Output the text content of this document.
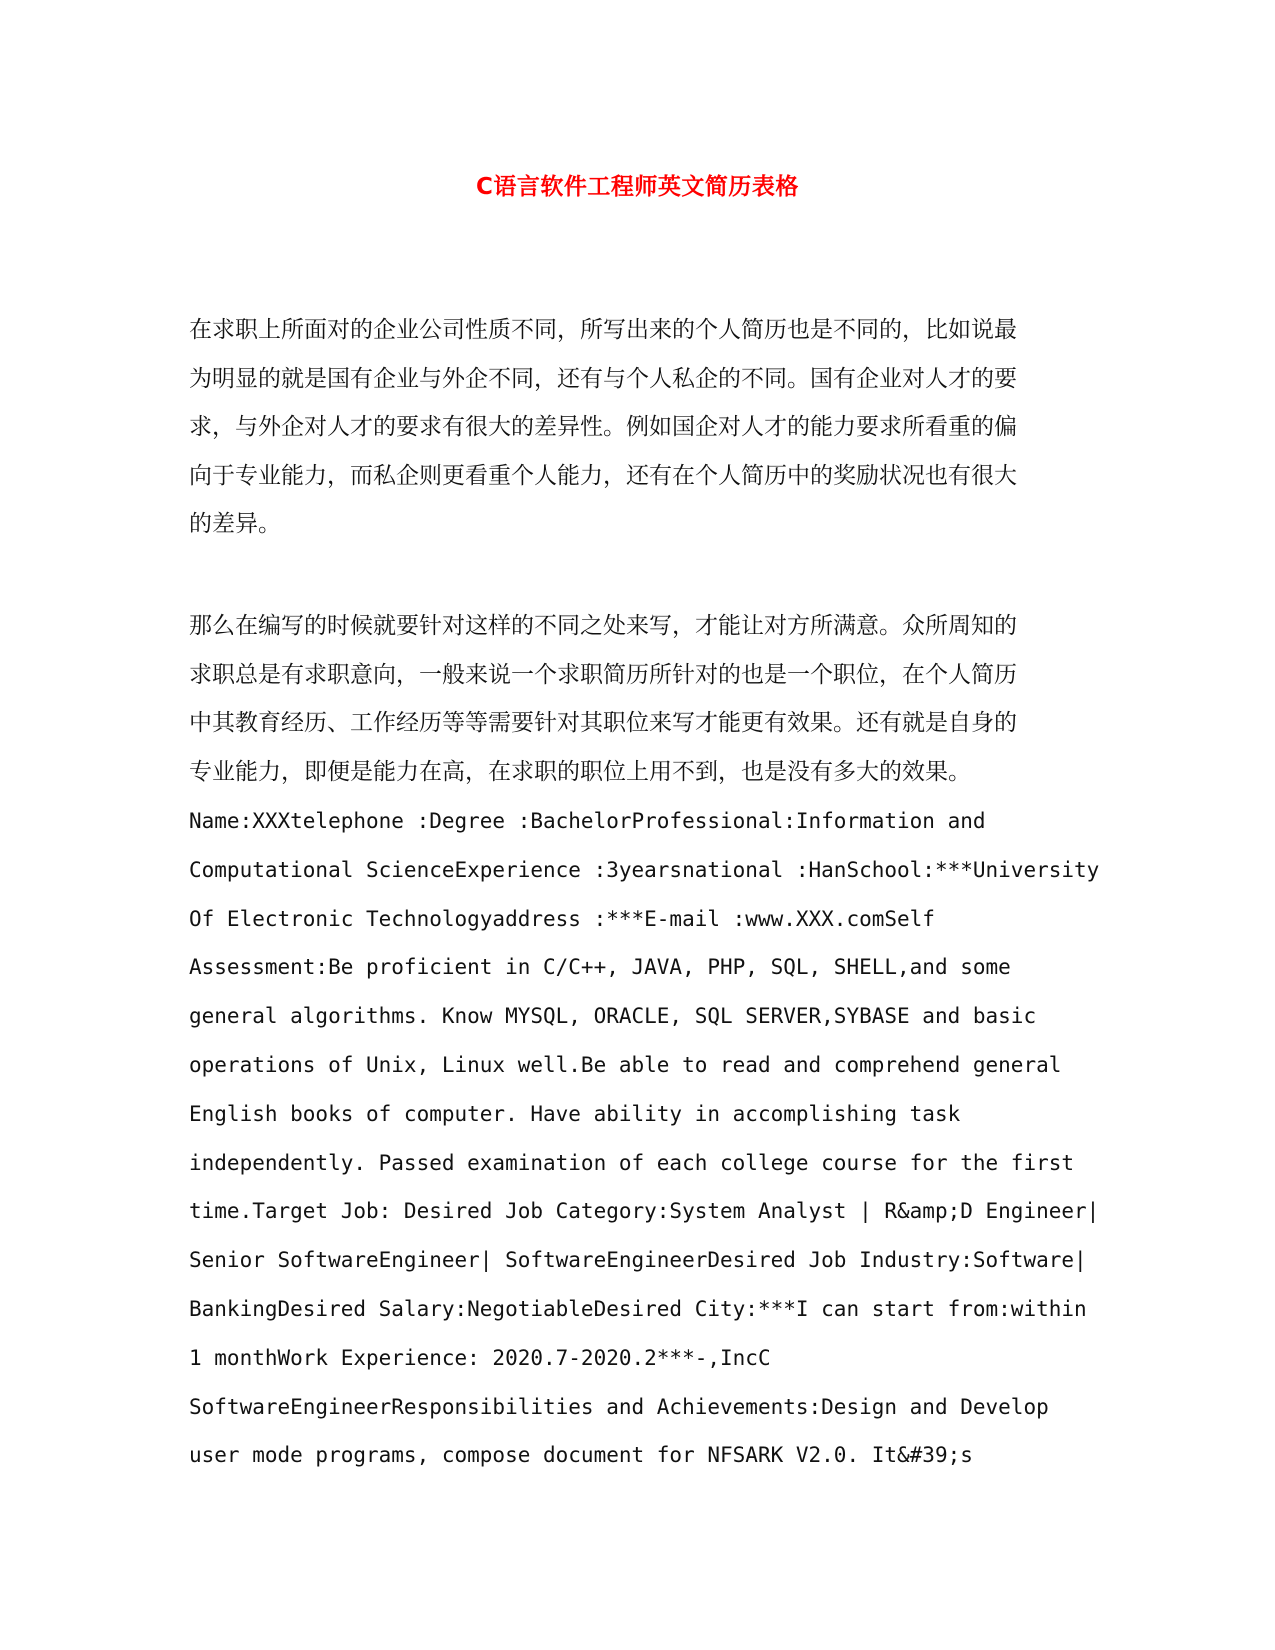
C语言软件工程师英文简历表格
在求职上所面对的企业公司性质不同，所写出来的个人简历也是不同的，比如说最
为明显的就是国有企业与外企不同，还有与个人私企的不同。国有企业对人才的要
求，与外企对人才的要求有很大的差异性。例如国企对人才的能力要求所看重的偏
向于专业能力，而私企则更看重个人能力，还有在个人简历中的奖励状况也有很大
的差异。
那么在编写的时候就要针对这样的不同之处来写，才能让对方所满意。众所周知的
求职总是有求职意向，一般来说一个求职简历所针对的也是一个职位，在个人简历
中其教育经历、工作经历等等需要针对其职位来写才能更有效果。还有就是自身的
专业能力，即便是能力在高，在求职的职位上用不到，也是没有多大的效果。
Name:XXXtelephone :Degree :BachelorProfessional:Information and
Computational ScienceExperience :3yearsnational :HanSchool:***University
Of Electronic Technologyaddress :***E-mail :www.XXX.comSelf
Assessment:Be proficient in C/C++, JAVA, PHP, SQL, SHELL,and some
general algorithms. Know MYSQL, ORACLE, SQL SERVER,SYBASE and basic
operations of Unix, Linux well.Be able to read and comprehend general
English books of computer. Have ability in accomplishing task
independently. Passed examination of each college course for the first
time.Target Job: Desired Job Category:System Analyst | R&amp;D Engineer|
Senior SoftwareEngineer| SoftwareEngineerDesired Job Industry:Software|
BankingDesired Salary:NegotiableDesired City:***I can start from:within
1 monthWork Experience: 2020.7-2020.2***-,IncC
SoftwareEngineerResponsibilities and Achievements:Design and Develop
user mode programs, compose document for NFSARK V2.0. It&#39;s
